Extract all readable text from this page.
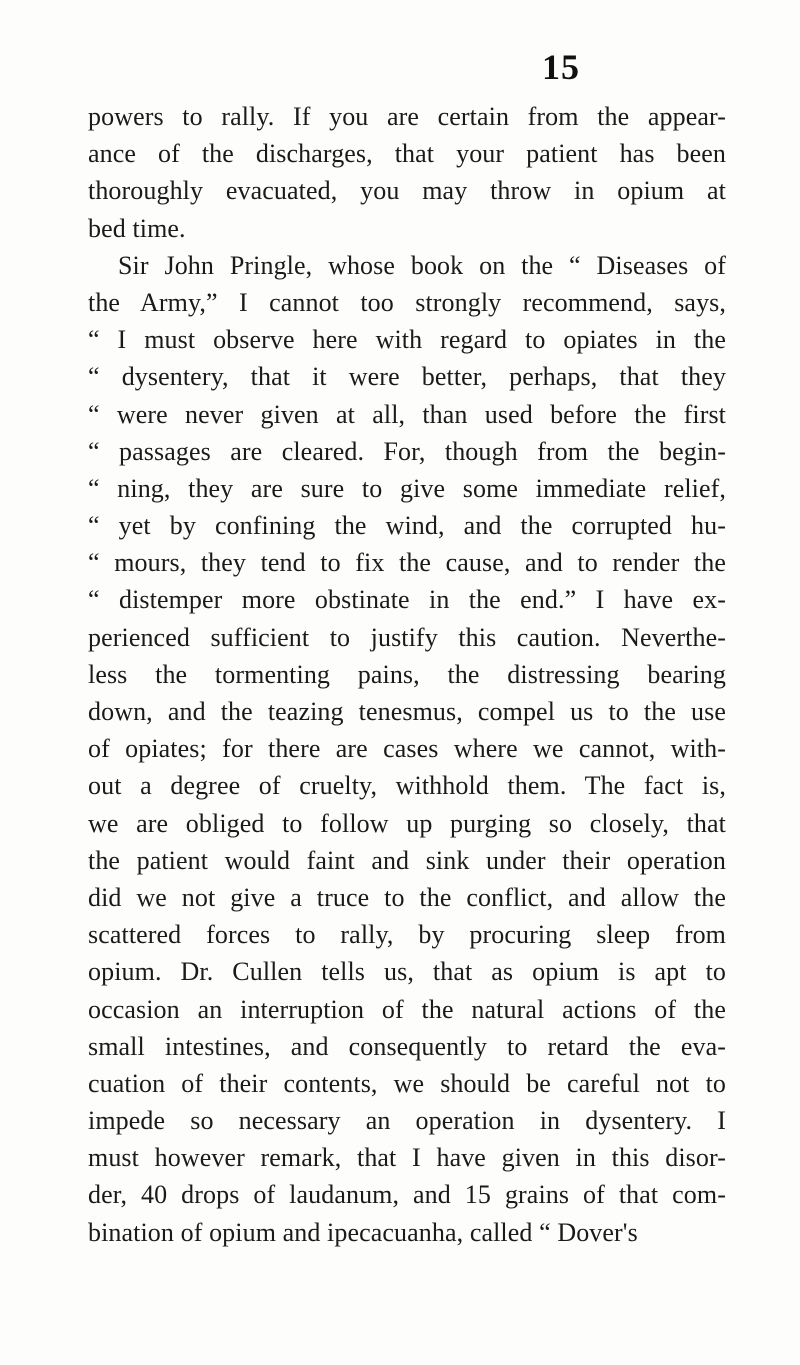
15
powers to rally. If you are certain from the appear-
ance of the discharges, that your patient has been
thoroughly evacuated, you may throw in opium at
bed time.
Sir John Pringle, whose book on the “ Diseases of
the Army,” I cannot too strongly recommend, says,
“ I must observe here with regard to opiates in the
“ dysentery, that it were better, perhaps, that they
“ were never given at all, than used before the first
“ passages are cleared. For, though from the begin-
“ ning, they are sure to give some immediate relief,
“ yet by confining the wind, and the corrupted hu-
“ mours, they tend to fix the cause, and to render the
“ distemper more obstinate in the end.” I have ex-
perienced sufficient to justify this caution. Neverthe-
less the tormenting pains, the distressing bearing
down, and the teazing tenesmus, compel us to the use
of opiates; for there are cases where we cannot, with-
out a degree of cruelty, withhold them. The fact is,
we are obliged to follow up purging so closely, that
the patient would faint and sink under their operation
did we not give a truce to the conflict, and allow the
scattered forces to rally, by procuring sleep from
opium. Dr. Cullen tells us, that as opium is apt to
occasion an interruption of the natural actions of the
small intestines, and consequently to retard the eva-
cuation of their contents, we should be careful not to
impede so necessary an operation in dysentery. I
must however remark, that I have given in this disor-
der, 40 drops of laudanum, and 15 grains of that com-
bination of opium and ipecacuanha, called “ Dover's
